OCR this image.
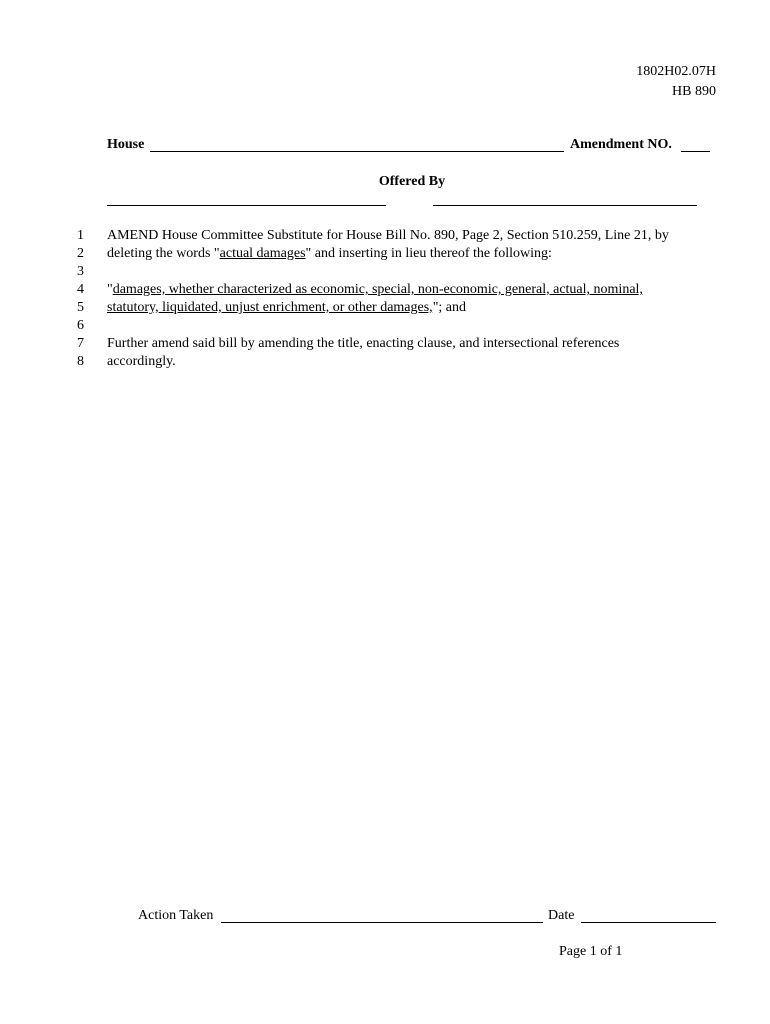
1802H02.07H
HB 890
House	Amendment NO.
Offered By
1
2
3
4
5
6
7
8
AMEND House Committee Substitute for House Bill No. 890, Page 2, Section 510.259, Line 21, by
deleting the words "actual damages" and inserting in lieu thereof the following:
"damages, whether characterized as economic, special, non-economic, general, actual, nominal,
statutory, liquidated, unjust enrichment, or other damages,"; and
Further amend said bill by amending the title, enacting clause, and intersectional references
accordingly.
Action Taken	Date
Page 1 of 1
